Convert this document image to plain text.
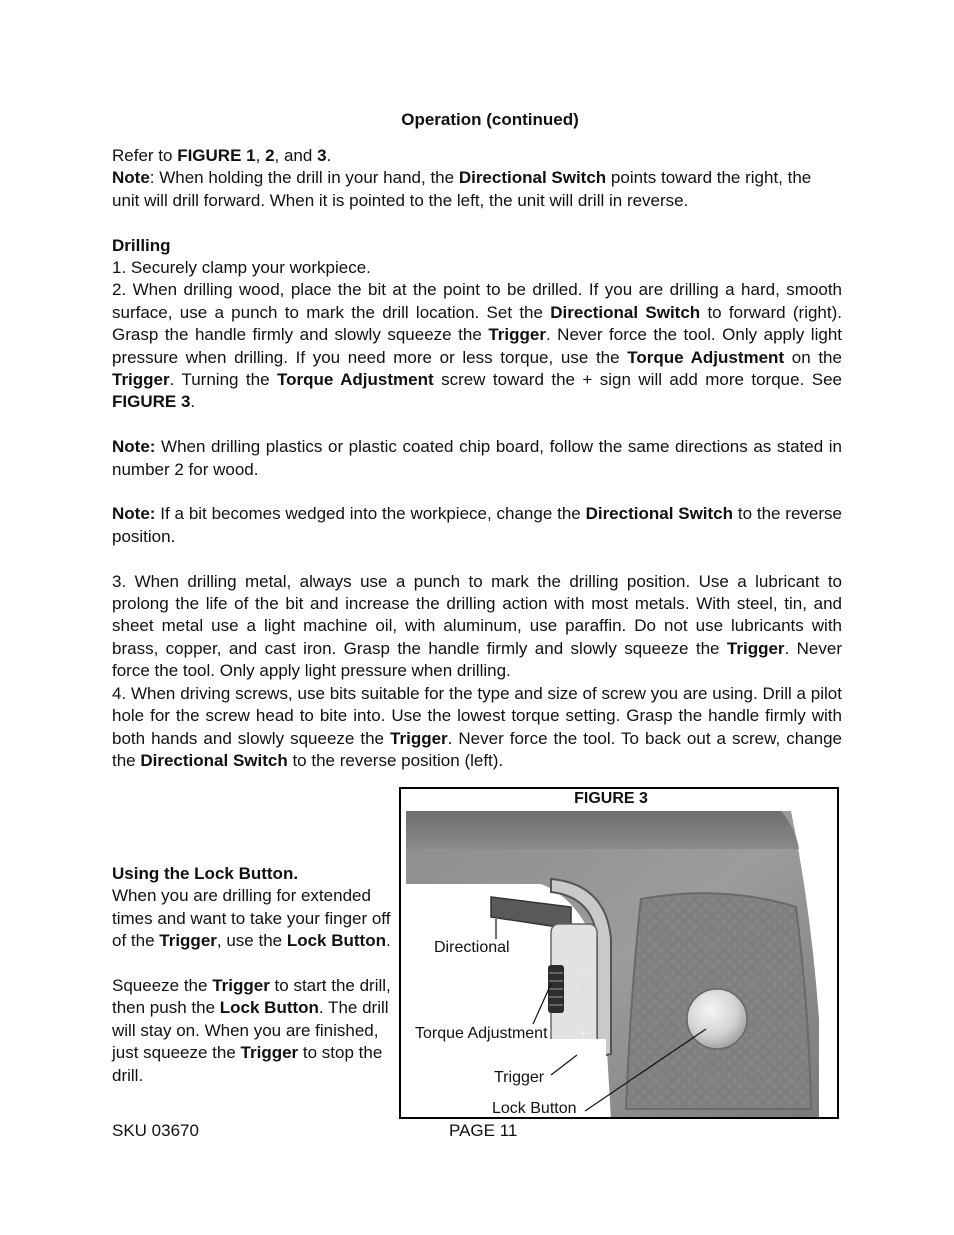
Operation (continued)

Refer to FIGURE 1, 2, and 3.

Note: When holding the drill in your hand, the Directional Switch points toward the right, the unit will drill forward. When it is pointed to the left, the unit will drill in reverse.

Drilling

1. Securely clamp your workpiece.

2. When drilling wood, place the bit at the point to be drilled. If you are drilling a hard, smooth surface, use a punch to mark the drill location. Set the Directional Switch to forward (right). Grasp the handle firmly and slowly squeeze the Trigger. Never force the tool. Only apply light pressure when drilling. If you need more or less torque, use the Torque Adjustment on the Trigger. Turning the Torque Adjustment screw toward the + sign will add more torque. See FIGURE 3.

Note: When drilling plastics or plastic coated chip board, follow the same directions as stated in number 2 for wood.

Note: If a bit becomes wedged into the workpiece, change the Directional Switch to the reverse position.

3. When drilling metal, always use a punch to mark the drilling position. Use a lubricant to prolong the life of the bit and increase the drilling action with most metals. With steel, tin, and sheet metal use a light machine oil, with aluminum, use paraffin. Do not use lubricants with brass, copper, and cast iron. Grasp the handle firmly and slowly squeeze the Trigger. Never force the tool. Only apply light pressure when drilling.

4. When driving screws, use bits suitable for the type and size of screw you are using. Drill a pilot hole for the screw head to bite into. Use the lowest torque setting. Grasp the handle firmly with both hands and slowly squeeze the Trigger. Never force the tool. To back out a screw, change the Directional Switch to the reverse position (left).

Using the Lock Button.

When you are drilling for extended times and want to take your finger off of the Trigger, use the Lock Button.

Squeeze the Trigger to start the drill, then push the Lock Button. The drill will stay on. When you are finished, just squeeze the Trigger to stop the drill.

FIGURE 3
−
▲
▼
+
Directional
Torque Adjustment
Trigger
Lock Button
SKU 03670	PAGE 11
